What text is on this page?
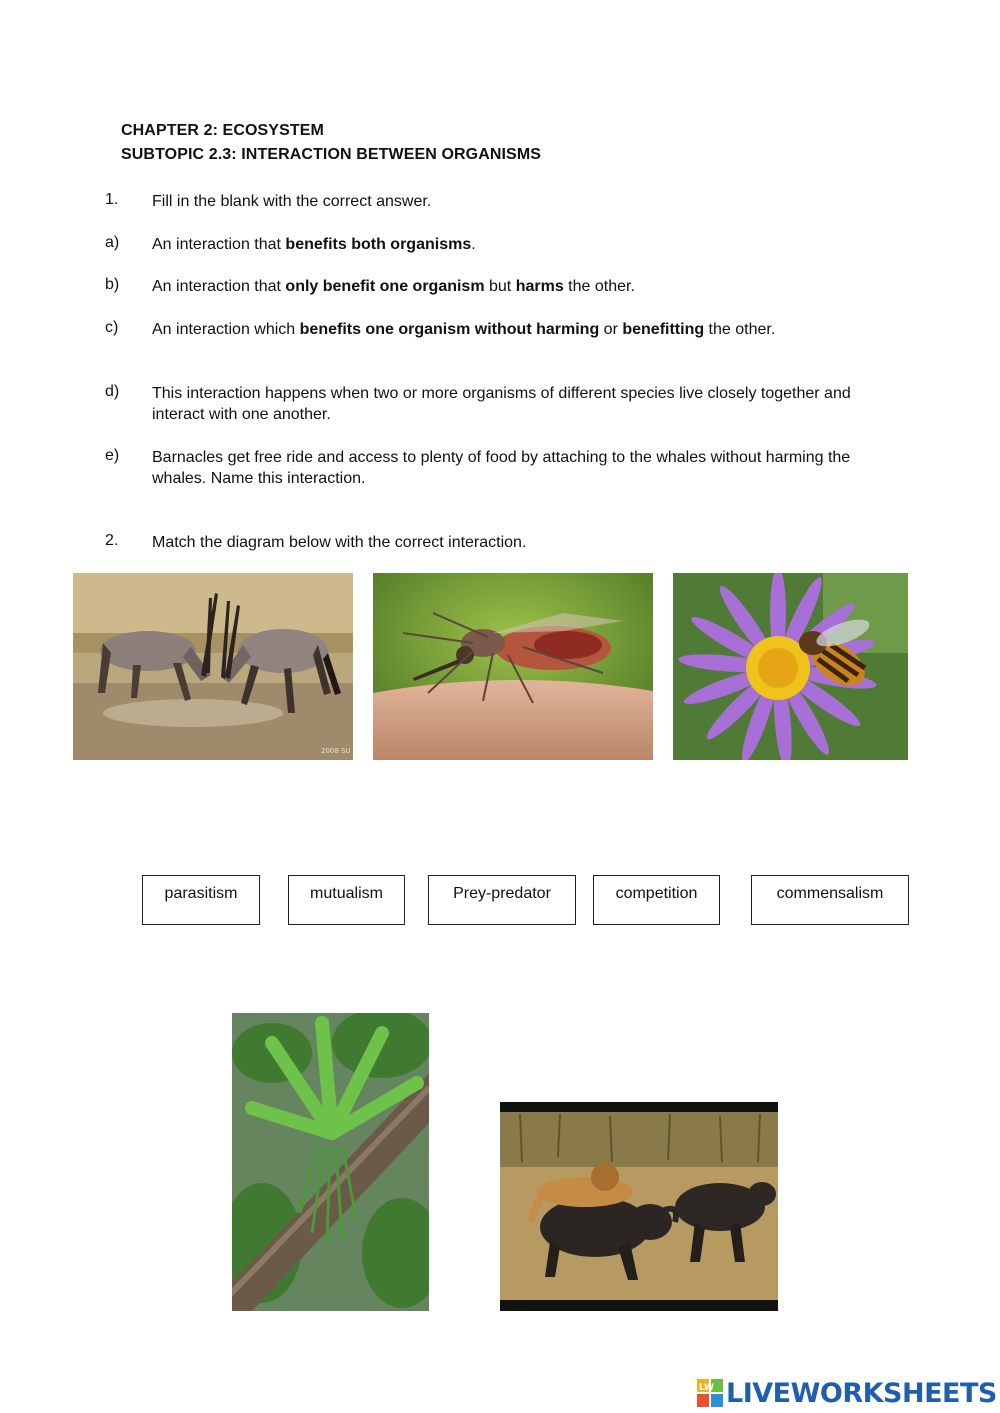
CHAPTER 2: ECOSYSTEM
SUBTOPIC 2.3: INTERACTION BETWEEN ORGANISMS
1. Fill in the blank with the correct answer.
a) An interaction that benefits both organisms.
b) An interaction that only benefit one organism but harms the other.
c) An interaction which benefits one organism without harming or benefitting the other.
d) This interaction happens when two or more organisms of different species live closely together and interact with one another.
e) Barnacles get free ride and access to plenty of food by attaching to the whales without harming the whales. Name this interaction.
2. Match the diagram below with the correct interaction.
2008 SU
parasitism	mutualism	Prey-predator	competition	commensalism
LW LIVEWORKSHEETS
